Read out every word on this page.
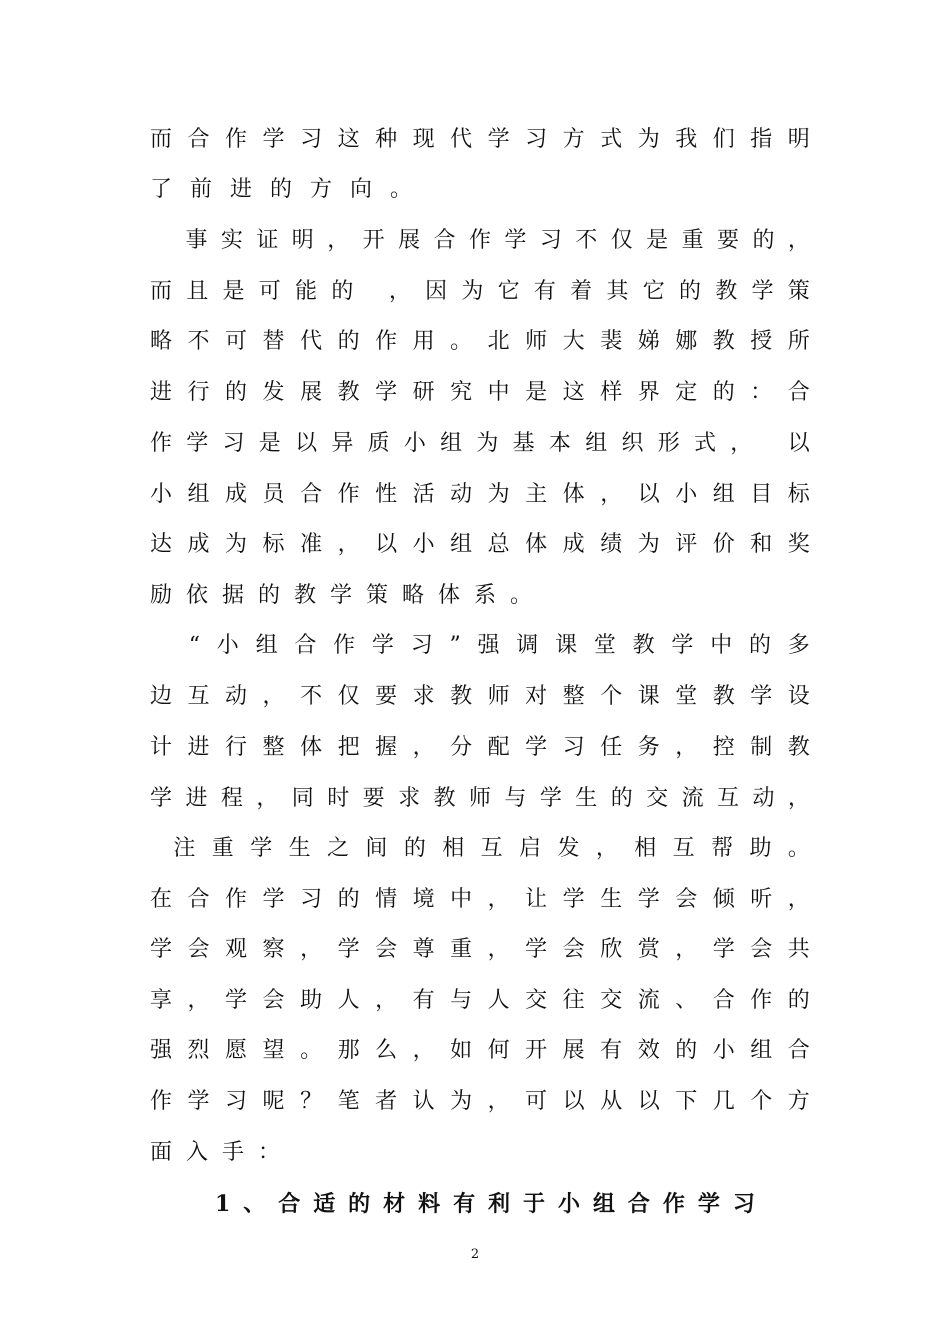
而 合 作 学 习 这 种 现 代 学 习 方 式 为 我 们 指 明
了 前 进 的 方 向 。

事 实 证 明 ， 开 展 合 作 学 习 不 仅 是 重 要 的 ，
而 且 是 可 能 的
， 因 为 它 有 着 其 它 的 教 学 策
略 不 可 替 代 的 作 用 。 北 师 大 裴 娣 娜 教 授 所
进 行 的 发 展 教 学 研 究 中 是 这 样 界 定 的 ： 合
作 学 习 是 以 异 质 小 组 为 基 本 组 织 形 式 ，
以
小 组 成 员 合 作 性 活 动 为 主 体 ， 以 小 组 目 标
达 成 为 标 准 ， 以 小 组 总 体 成 绩 为 评 价 和 奖
励 依 据 的 教 学 策 略 体 系 。

“ 小 组 合 作 学 习 ” 强 调 课 堂 教 学 中 的 多
边 互 动 ， 不 仅 要 求 教 师 对 整 个 课 堂 教 学 设
计 进 行 整 体 把 握 ， 分 配 学 习 任 务 ， 控 制 教
学 进 程 ， 同 时 要 求 教 师 与 学 生 的 交 流 互 动 ，

注 重 学 生 之 间 的 相 互 启 发 ， 相 互 帮 助 。
在 合 作 学 习 的 情 境 中 ， 让 学 生 学 会 倾 听 ，
学 会 观 察 ， 学 会 尊 重 ， 学 会 欣 赏 ， 学 会 共
享 ， 学 会 助 人 ， 有 与 人 交 往 交 流 、 合 作 的
强 烈 愿 望 。 那 么 ， 如 何 开 展 有 效 的 小 组 合
作 学 习 呢 ？ 笔 者 认 为 ， 可 以 从 以 下 几 个 方
面 入 手 ：
1 、 合 适 的 材 料 有 利 于 小 组 合 作 学 习
2
